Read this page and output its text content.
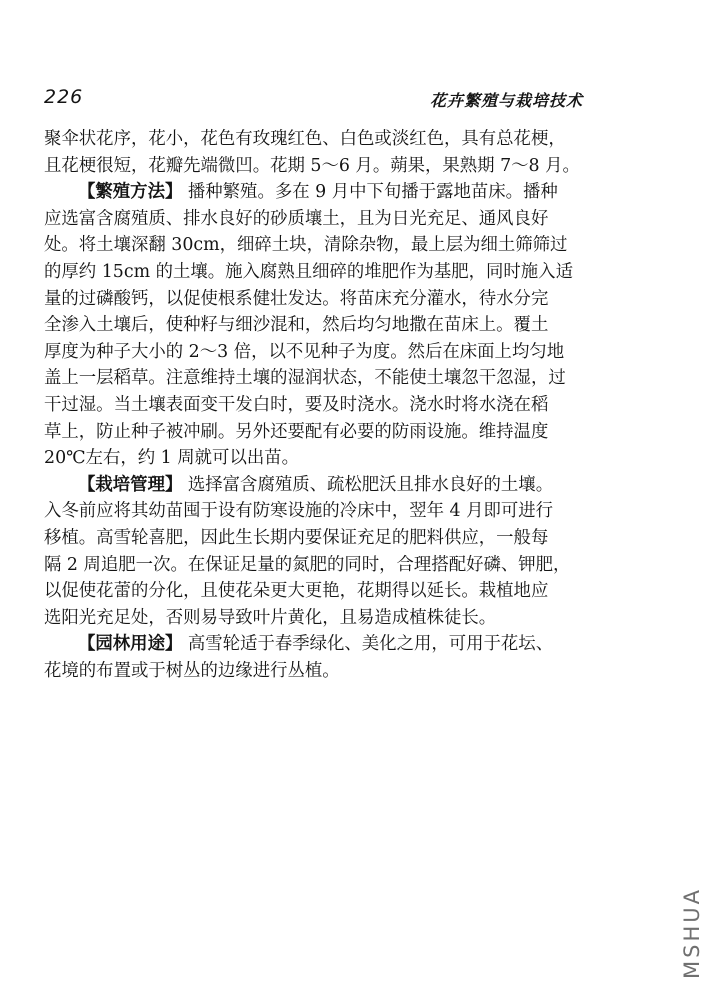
226	花卉繁殖与栽培技术
聚伞状花序，花小，花色有玫瑰红色、白色或淡红色，具有总花梗，
且花梗很短，花瓣先端微凹。花期 5～6 月。蒴果，果熟期 7～8 月。
【繁殖方法】 播种繁殖。多在 9 月中下旬播于露地苗床。播种
应选富含腐殖质、排水良好的砂质壤土，且为日光充足、通风良好
处。将土壤深翻 30cm，细碎土块，清除杂物，最上层为细土筛筛过
的厚约 15cm 的土壤。施入腐熟且细碎的堆肥作为基肥，同时施入适
量的过磷酸钙，以促使根系健壮发达。将苗床充分灌水，待水分完
全渗入土壤后，使种籽与细沙混和，然后均匀地撒在苗床上。覆土
厚度为种子大小的 2～3 倍，以不见种子为度。然后在床面上均匀地
盖上一层稻草。注意维持土壤的湿润状态，不能使土壤忽干忽湿，过
干过湿。当土壤表面变干发白时，要及时浇水。浇水时将水浇在稻
草上，防止种子被冲刷。另外还要配有必要的防雨设施。维持温度
20℃左右，约 1 周就可以出苗。
【栽培管理】 选择富含腐殖质、疏松肥沃且排水良好的土壤。
入冬前应将其幼苗囤于设有防寒设施的冷床中，翌年 4 月即可进行
移植。高雪轮喜肥，因此生长期内要保证充足的肥料供应，一般每
隔 2 周追肥一次。在保证足量的氮肥的同时，合理搭配好磷、钾肥，
以促使花蕾的分化，且使花朵更大更艳，花期得以延长。栽植地应
选阳光充足处，否则易导致叶片黄化，且易造成植株徒长。
【园林用途】 高雪轮适于春季绿化、美化之用，可用于花坛、
花境的布置或于树丛的边缘进行丛植。
MSHUA
